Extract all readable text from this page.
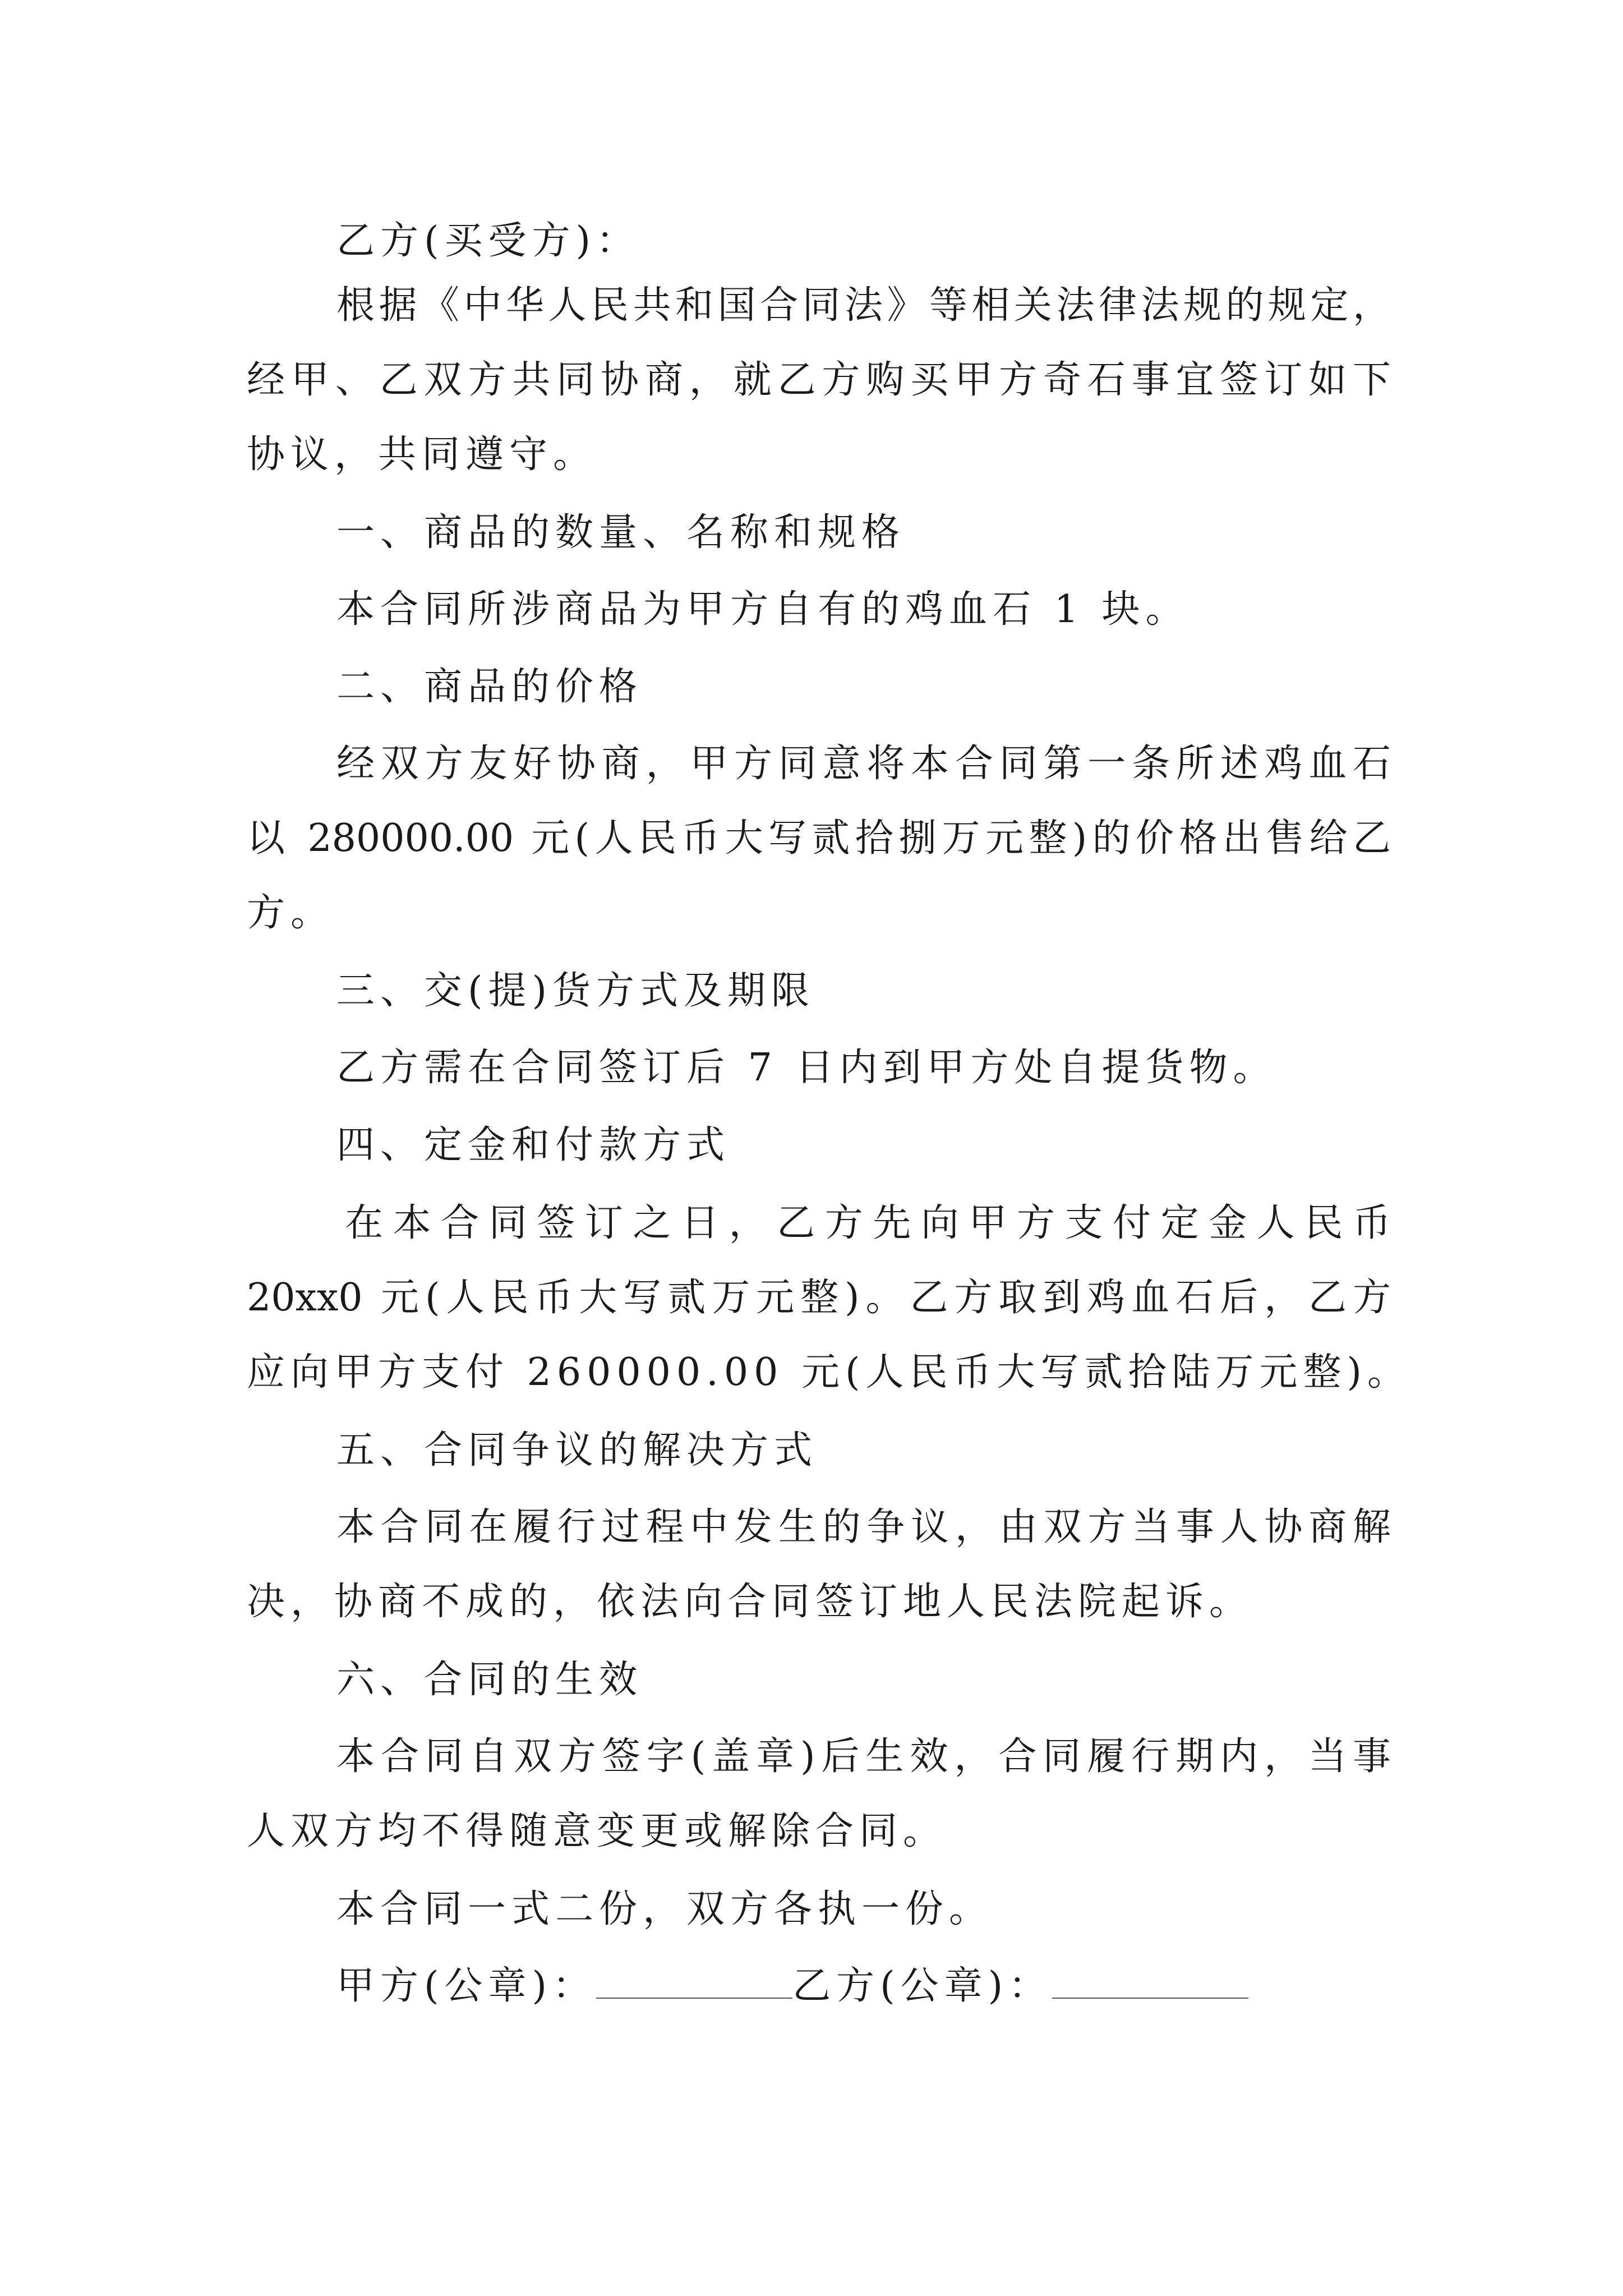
乙方(买受方)：
根据《中华人民共和国合同法》等相关法律法规的规定，
经甲、乙双方共同协商，就乙方购买甲方奇石事宜签订如下
协议，共同遵守。
一、商品的数量、名称和规格
本合同所涉商品为甲方自有的鸡血石 1 块。
二、商品的价格
经双方友好协商，甲方同意将本合同第一条所述鸡血石
以 280000.00 元(人民币大写贰拾捌万元整)的价格出售给乙
方。
三、交(提)货方式及期限
乙方需在合同签订后 7 日内到甲方处自提货物。
四、定金和付款方式
在本合同签订之日，乙方先向甲方支付定金人民币
20xx0 元(人民币大写贰万元整)。乙方取到鸡血石后，乙方
应向甲方支付 260000.00 元(人民币大写贰拾陆万元整)。
五、合同争议的解决方式
本合同在履行过程中发生的争议，由双方当事人协商解
决，协商不成的，依法向合同签订地人民法院起诉。
六、合同的生效
本合同自双方签字(盖章)后生效，合同履行期内，当事
人双方均不得随意变更或解除合同。
本合同一式二份，双方各执一份。
甲方(公章)：	乙方(公章)：
